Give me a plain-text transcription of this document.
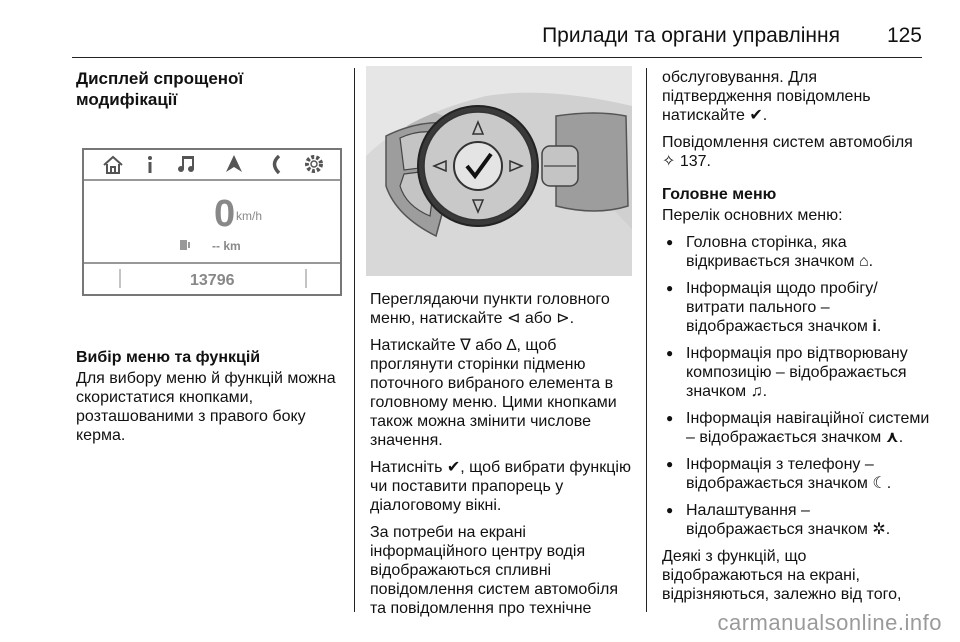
Прилади та органи управління 125
Дисплей спрощеної
модифікації
0 km/h
-- km
13796
Вибір меню та функцій

Для вибору меню й функцій можна скористатися кнопками, розташованими з правого боку керма.

Переглядаючи пункти головного меню, натискайте ⊲ або ⊳.

Натискайте ∇ або ∆, щоб проглянути сторінки підменю поточного вибраного елемента в головному меню. Цими кнопками також можна змінити числове значення.

Натисніть ✔, щоб вибрати функцію чи поставити прапорець у діалоговому вікні.

За потреби на екрані інформаційного центру водія відображаються спливні повідомлення систем автомобіля та повідомлення про технічне

обслуговування. Для підтвердження повідомлень натискайте ✔.

Повідомлення систем автомобіля
✧ 137.

Головне меню

Перелік основних меню:

● Головна сторінка, яка відкривається значком ⌂.
● Інформація щодо пробігу/ витрати пального – відображається значком i.
● Інформація про відтворювану композицію – відображається значком ♫.
● Інформація навігаційної системи – відображається значком ⋏.
● Інформація з телефону – відображається значком ☾.
● Налаштування – відображається значком ✲.

Деякі з функцій, що відображаються на екрані, відрізняються, залежно від того,

carmanualsonline.info
